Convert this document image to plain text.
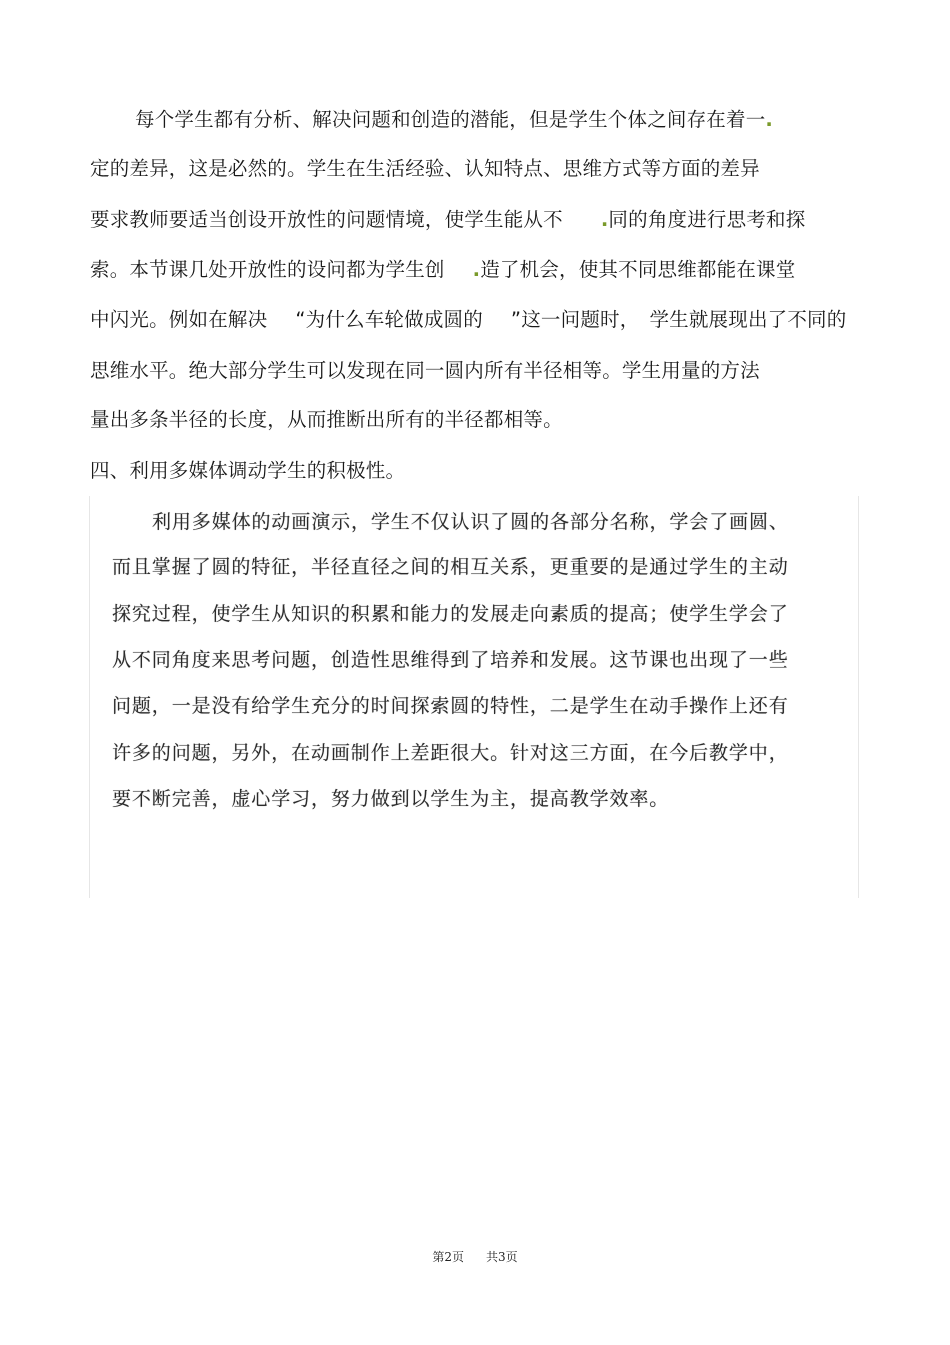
每个学生都有分析、解决问题和创造的潜能，但是学生个体之间存在着一.
定的差异，这是必然的。学生在生活经验、认知特点、思维方式等方面的差异
要求教师要适当创设开放性的问题情境，使学生能从不 .同的角度进行思考和探
索。本节课几处开放性的设问都为学生创 .造了机会，使其不同思维都能在课堂
中闪光。例如在解决 “为什么车轮做成圆的 ”这一问题时， 学生就展现出了不同的
思维水平。绝大部分学生可以发现在同一圆内所有半径相等。学生用量的方法
量出多条半径的长度，从而推断出所有的半径都相等。
四、利用多媒体调动学生的积极性。
利用多媒体的动画演示，学生不仅认识了圆的各部分名称，学会了画圆、
而且掌握了圆的特征，半径直径之间的相互关系，更重要的是通过学生的主动
探究过程，使学生从知识的积累和能力的发展走向素质的提高；使学生学会了
从不同角度来思考问题，创造性思维得到了培养和发展。这节课也出现了一些
问题，一是没有给学生充分的时间探索圆的特性，二是学生在动手操作上还有
许多的问题，另外，在动画制作上差距很大。针对这三方面，在今后教学中，
要不断完善，虚心学习，努力做到以学生为主，提高教学效率。
第2页 共3页
